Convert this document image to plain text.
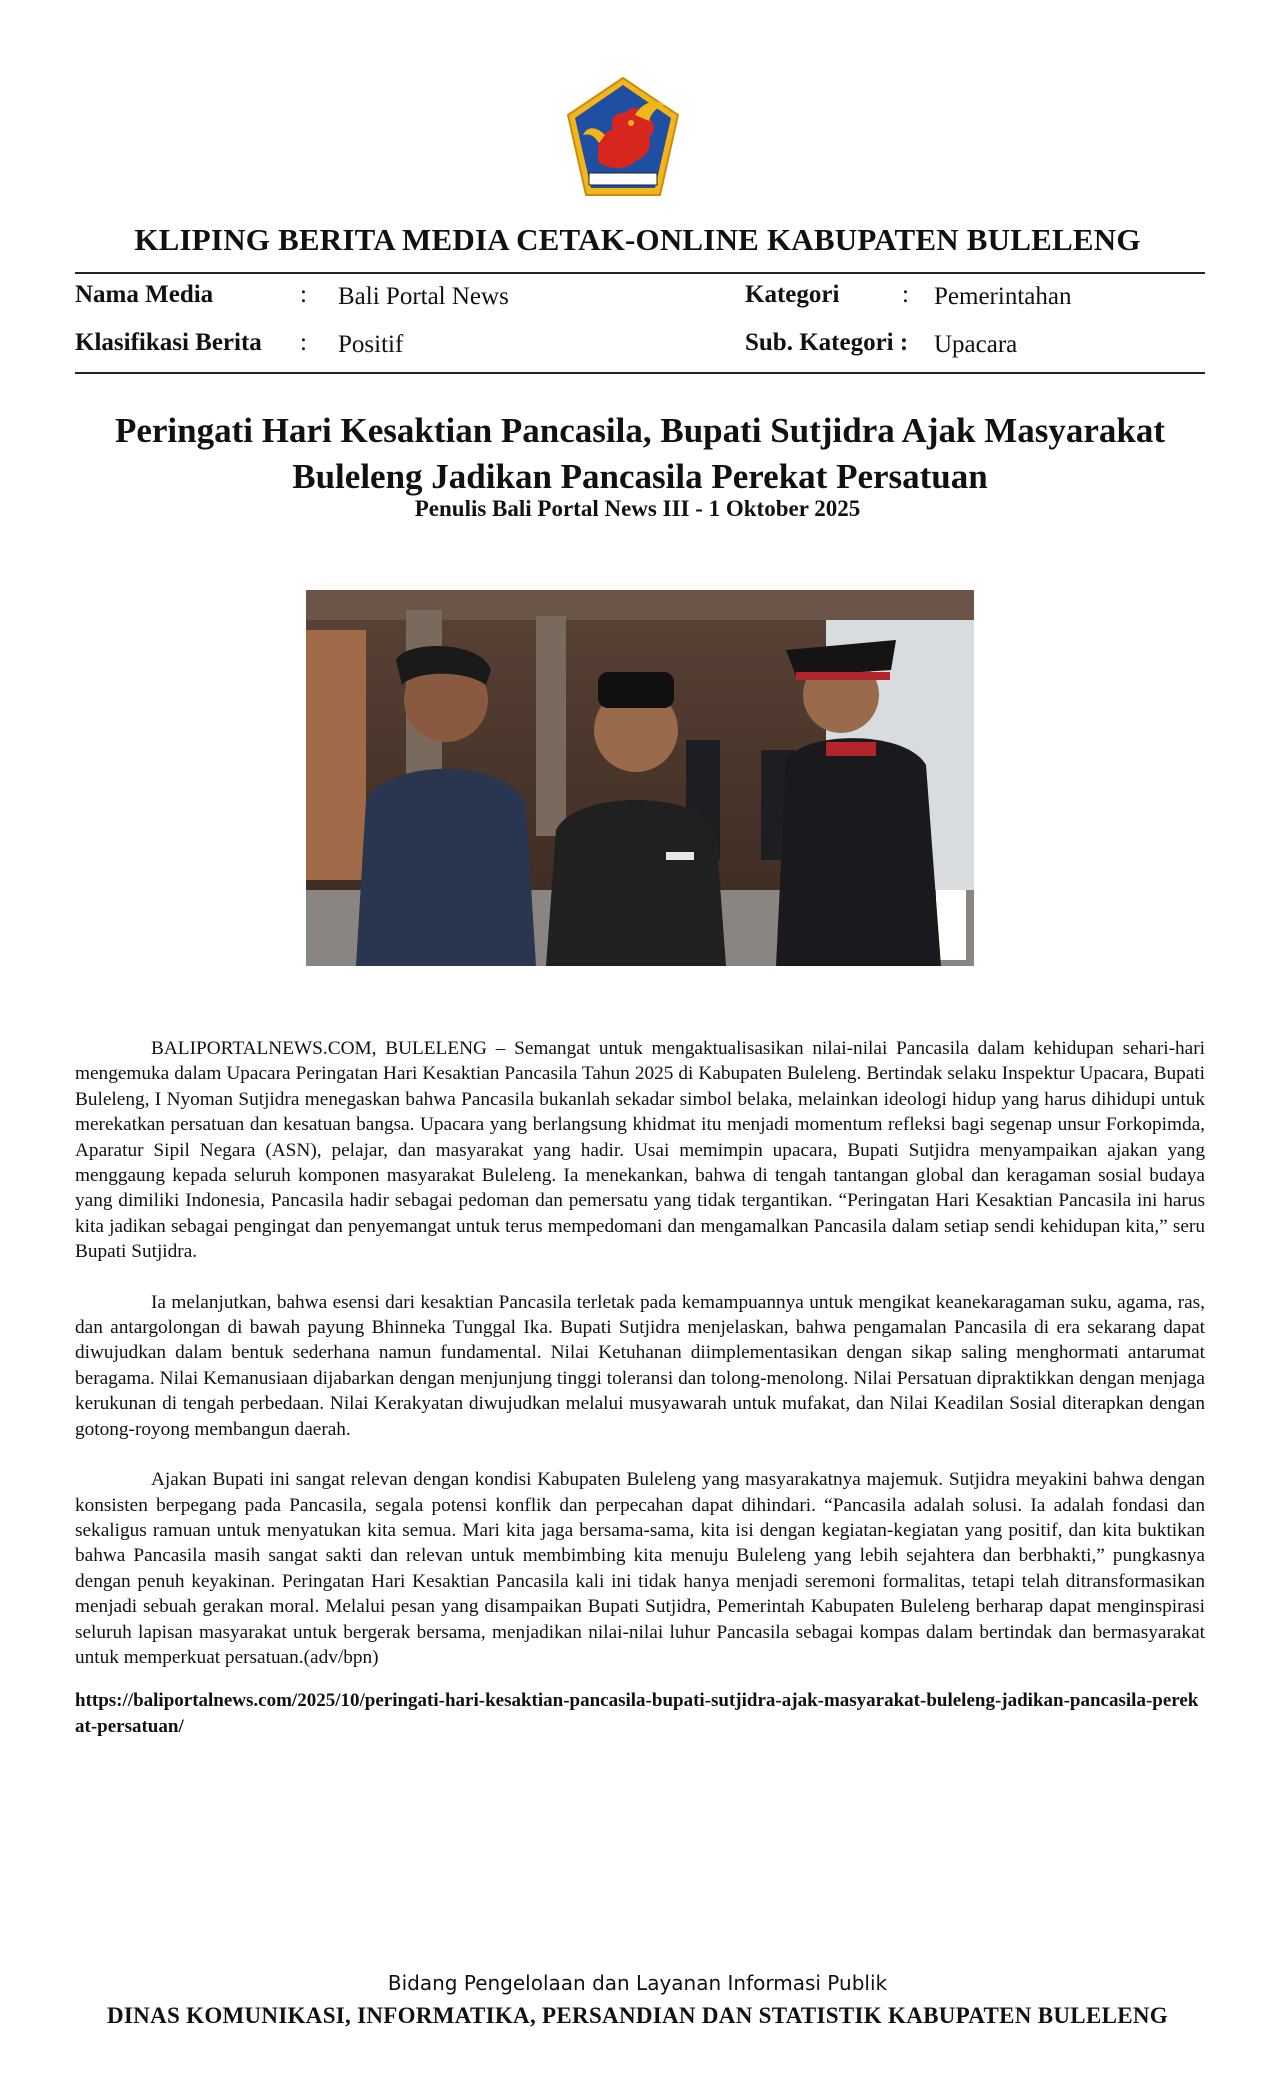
KLIPING BERITA MEDIA CETAK-ONLINE KABUPATEN BULELENG
Nama Media	: Bali Portal News	Kategori	: Pemerintahan
Klasifikasi Berita : Positif	Sub. Kategori : Upacara
Peringati Hari Kesaktian Pancasila, Bupati Sutjidra Ajak Masyarakat Buleleng Jadikan Pancasila Perekat Persatuan
Penulis Bali Portal News III - 1 Oktober 2025

BALIPORTALNEWS.COM, BULELENG – Semangat untuk mengaktualisasikan nilai-nilai Pancasila dalam kehidupan sehari-hari mengemuka dalam Upacara Peringatan Hari Kesaktian Pancasila Tahun 2025 di Kabupaten Buleleng. Bertindak selaku Inspektur Upacara, Bupati Buleleng, I Nyoman Sutjidra menegaskan bahwa Pancasila bukanlah sekadar simbol belaka, melainkan ideologi hidup yang harus dihidupi untuk merekatkan persatuan dan kesatuan bangsa. Upacara yang berlangsung khidmat itu menjadi momentum refleksi bagi segenap unsur Forkopimda, Aparatur Sipil Negara (ASN), pelajar, dan masyarakat yang hadir. Usai memimpin upacara, Bupati Sutjidra menyampaikan ajakan yang menggaung kepada seluruh komponen masyarakat Buleleng. Ia menekankan, bahwa di tengah tantangan global dan keragaman sosial budaya yang dimiliki Indonesia, Pancasila hadir sebagai pedoman dan pemersatu yang tidak tergantikan. “Peringatan Hari Kesaktian Pancasila ini harus kita jadikan sebagai pengingat dan penyemangat untuk terus mempedomani dan mengamalkan Pancasila dalam setiap sendi kehidupan kita,” seru Bupati Sutjidra.

Ia melanjutkan, bahwa esensi dari kesaktian Pancasila terletak pada kemampuannya untuk mengikat keanekaragaman suku, agama, ras, dan antargolongan di bawah payung Bhinneka Tunggal Ika. Bupati Sutjidra menjelaskan, bahwa pengamalan Pancasila di era sekarang dapat diwujudkan dalam bentuk sederhana namun fundamental. Nilai Ketuhanan diimplementasikan dengan sikap saling menghormati antarumat beragama. Nilai Kemanusiaan dijabarkan dengan menjunjung tinggi toleransi dan tolong-menolong. Nilai Persatuan dipraktikkan dengan menjaga kerukunan di tengah perbedaan. Nilai Kerakyatan diwujudkan melalui musyawarah untuk mufakat, dan Nilai Keadilan Sosial diterapkan dengan gotong-royong membangun daerah.

Ajakan Bupati ini sangat relevan dengan kondisi Kabupaten Buleleng yang masyarakatnya majemuk. Sutjidra meyakini bahwa dengan konsisten berpegang pada Pancasila, segala potensi konflik dan perpecahan dapat dihindari. “Pancasila adalah solusi. Ia adalah fondasi dan sekaligus ramuan untuk menyatukan kita semua. Mari kita jaga bersama-sama, kita isi dengan kegiatan-kegiatan yang positif, dan kita buktikan bahwa Pancasila masih sangat sakti dan relevan untuk membimbing kita menuju Buleleng yang lebih sejahtera dan berbhakti,” pungkasnya dengan penuh keyakinan. Peringatan Hari Kesaktian Pancasila kali ini tidak hanya menjadi seremoni formalitas, tetapi telah ditransformasikan menjadi sebuah gerakan moral. Melalui pesan yang disampaikan Bupati Sutjidra, Pemerintah Kabupaten Buleleng berharap dapat menginspirasi seluruh lapisan masyarakat untuk bergerak bersama, menjadikan nilai-nilai luhur Pancasila sebagai kompas dalam bertindak dan bermasyarakat untuk memperkuat persatuan.(adv/bpn)

https://baliportalnews.com/2025/10/peringati-hari-kesaktian-pancasila-bupati-sutjidra-ajak-masyarakat-buleleng-jadikan-pancasila-perekat-persatuan/
Bidang Pengelolaan dan Layanan Informasi Publik
DINAS KOMUNIKASI, INFORMATIKA, PERSANDIAN DAN STATISTIK KABUPATEN BULELENG
